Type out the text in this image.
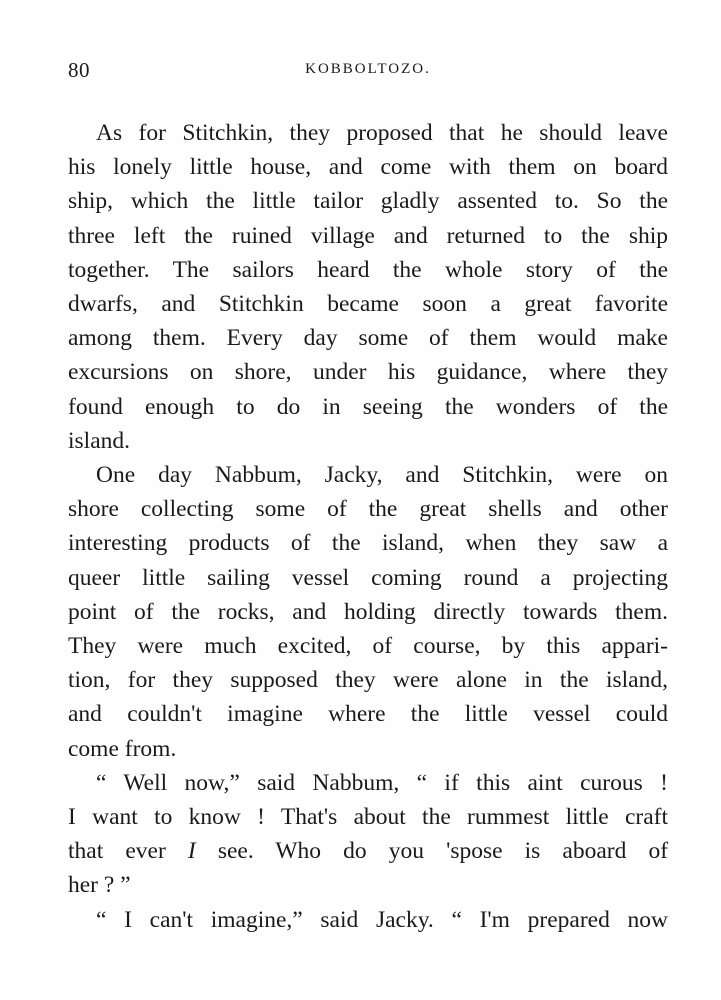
80	KOBBOLTOZO.

As for Stitchkin, they proposed that he should leave
his lonely little house, and come with them on board
ship, which the little tailor gladly assented to. So the
three left the ruined village and returned to the ship
together. The sailors heard the whole story of the
dwarfs, and Stitchkin became soon a great favorite
among them. Every day some of them would make
excursions on shore, under his guidance, where they
found enough to do in seeing the wonders of the
island.

One day Nabbum, Jacky, and Stitchkin, were on
shore collecting some of the great shells and other
interesting products of the island, when they saw a
queer little sailing vessel coming round a projecting
point of the rocks, and holding directly towards them.
They were much excited, of course, by this appari-
tion, for they supposed they were alone in the island,
and couldn't imagine where the little vessel could
come from.

“ Well now,” said Nabbum, “ if this aint curous !
I want to know ! That's about the rummest little craft
that ever I see. Who do you 'spose is aboard of
her ? ”

“ I can't imagine,” said Jacky. “ I'm prepared now
